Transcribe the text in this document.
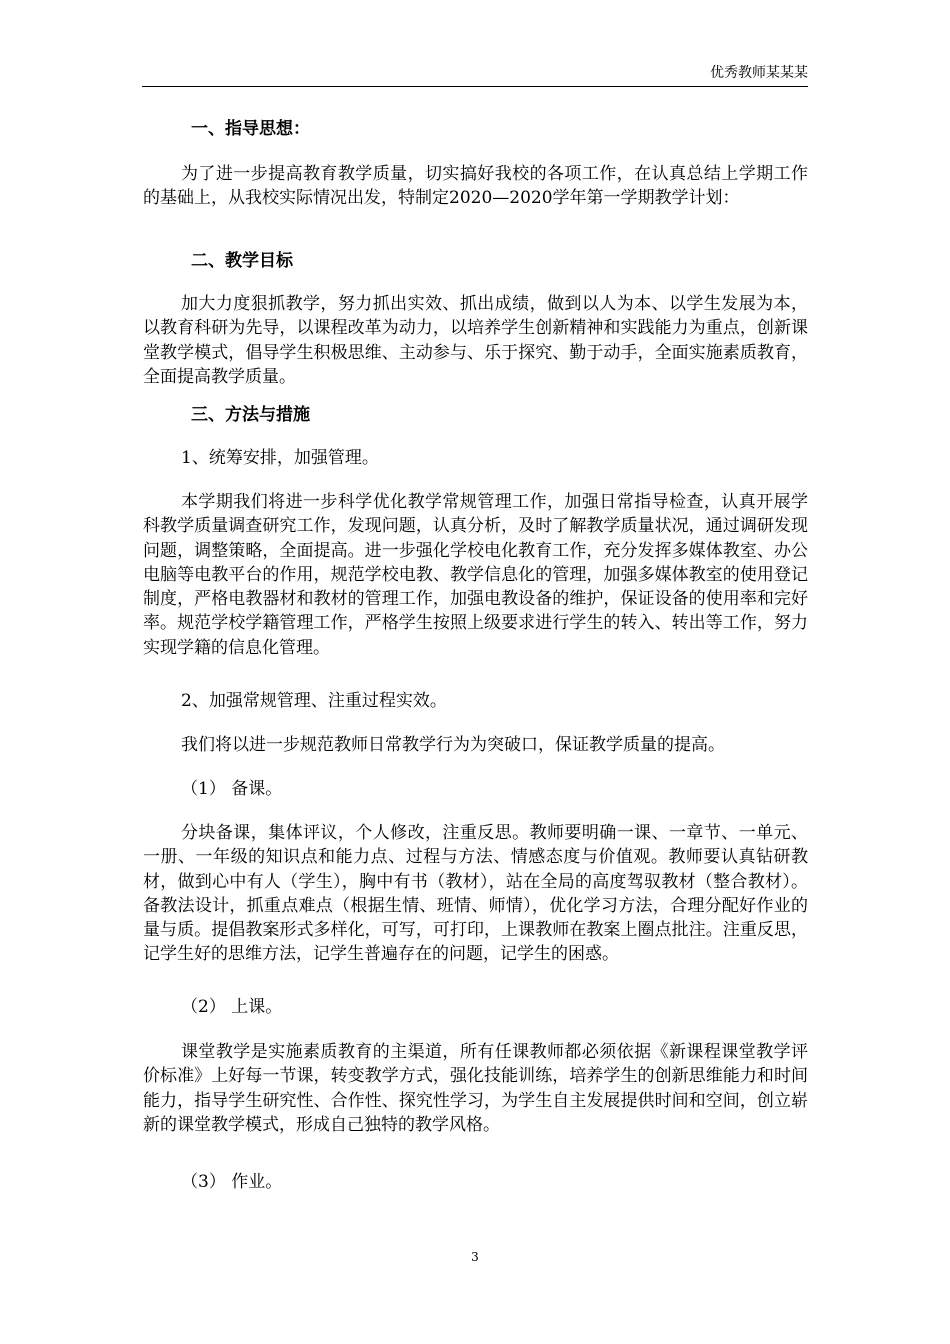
优秀教师某某某
一、指导思想：
为了进一步提高教育教学质量，切实搞好我校的各项工作，在认真总结上学期工作的基础上，从我校实际情况出发，特制定2020—2020学年第一学期教学计划：
二、教学目标
加大力度狠抓教学，努力抓出实效、抓出成绩，做到以人为本、以学生发展为本，以教育科研为先导，以课程改革为动力，以培养学生创新精神和实践能力为重点，创新课堂教学模式，倡导学生积极思维、主动参与、乐于探究、勤于动手，全面实施素质教育，全面提高教学质量。
三、方法与措施
1、统筹安排，加强管理。
本学期我们将进一步科学优化教学常规管理工作，加强日常指导检查，认真开展学科教学质量调查研究工作，发现问题，认真分析，及时了解教学质量状况，通过调研发现问题，调整策略，全面提高。进一步强化学校电化教育工作，充分发挥多媒体教室、办公电脑等电教平台的作用，规范学校电教、教学信息化的管理，加强多媒体教室的使用登记制度，严格电教器材和教材的管理工作，加强电教设备的维护，保证设备的使用率和完好率。规范学校学籍管理工作，严格学生按照上级要求进行学生的转入、转出等工作，努力实现学籍的信息化管理。
2、加强常规管理、注重过程实效。
我们将以进一步规范教师日常教学行为为突破口，保证教学质量的提高。
（1） 备课。
分块备课，集体评议，个人修改，注重反思。教师要明确一课、一章节、一单元、一册、一年级的知识点和能力点、过程与方法、情感态度与价值观。教师要认真钻研教材，做到心中有人（学生），胸中有书（教材），站在全局的高度驾驭教材（整合教材）。备教法设计，抓重点难点（根据生情、班情、师情），优化学习方法，合理分配好作业的量与质。提倡教案形式多样化，可写，可打印，上课教师在教案上圈点批注。注重反思，记学生好的思维方法，记学生普遍存在的问题，记学生的困惑。
（2） 上课。
课堂教学是实施素质教育的主渠道，所有任课教师都必须依据《新课程课堂教学评价标准》上好每一节课，转变教学方式，强化技能训练，培养学生的创新思维能力和时间能力，指导学生研究性、合作性、探究性学习，为学生自主发展提供时间和空间，创立崭新的课堂教学模式，形成自己独特的教学风格。
（3） 作业。
3
